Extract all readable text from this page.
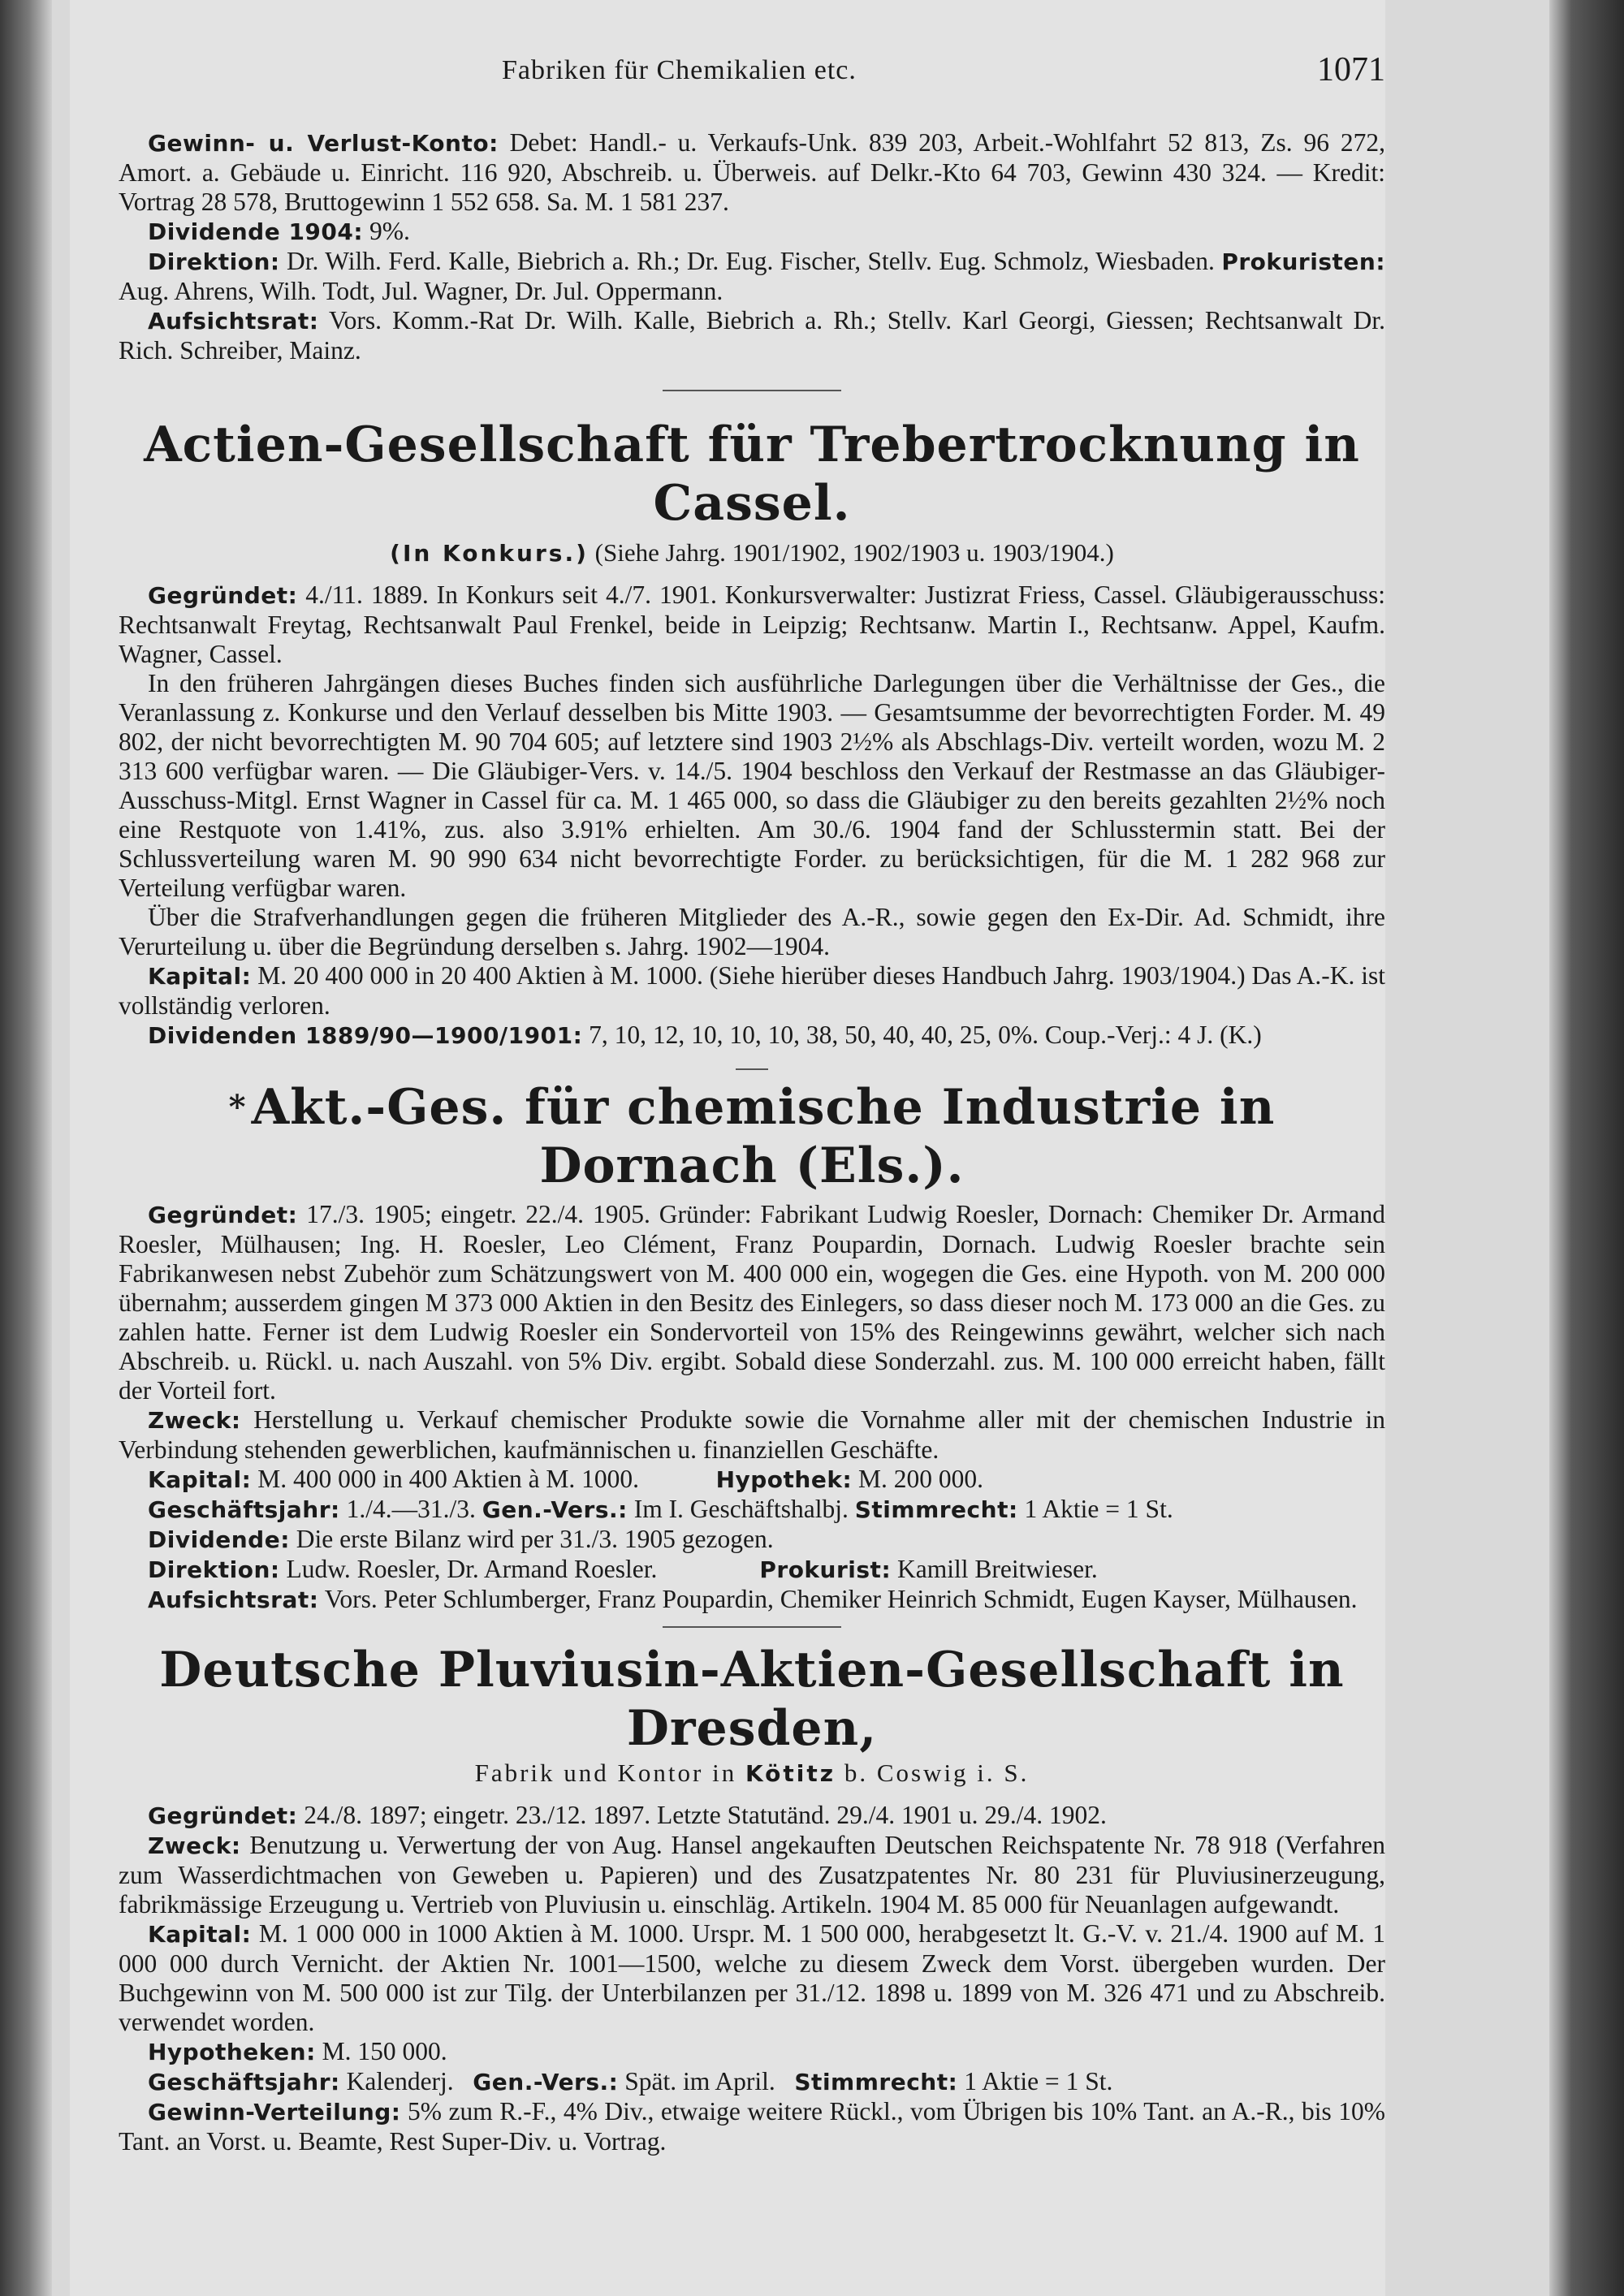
Fabriken für Chemikalien etc.	1071

Gewinn- u. Verlust-Konto: Debet: Handl.- u. Verkaufs-Unk. 839 203, Arbeit.-Wohlfahrt 52 813, Zs. 96 272, Amort. a. Gebäude u. Einricht. 116 920, Abschreib. u. Überweis. auf Delkr.-Kto 64 703, Gewinn 430 324. — Kredit: Vortrag 28 578, Bruttogewinn 1 552 658. Sa. M. 1 581 237.

Dividende 1904: 9%.

Direktion: Dr. Wilh. Ferd. Kalle, Biebrich a. Rh.; Dr. Eug. Fischer, Stellv. Eug. Schmolz, Wiesbaden. Prokuristen: Aug. Ahrens, Wilh. Todt, Jul. Wagner, Dr. Jul. Oppermann.

Aufsichtsrat: Vors. Komm.-Rat Dr. Wilh. Kalle, Biebrich a. Rh.; Stellv. Karl Georgi, Giessen; Rechtsanwalt Dr. Rich. Schreiber, Mainz.

Actien-Gesellschaft für Trebertrocknung in Cassel.
(In Konkurs.) (Siehe Jahrg. 1901/1902, 1902/1903 u. 1903/1904.)

Gegründet: 4./11. 1889. In Konkurs seit 4./7. 1901. Konkursverwalter: Justizrat Friess, Cassel. Gläubigerausschuss: Rechtsanwalt Freytag, Rechtsanwalt Paul Frenkel, beide in Leipzig; Rechtsanw. Martin I., Rechtsanw. Appel, Kaufm. Wagner, Cassel.

In den früheren Jahrgängen dieses Buches finden sich ausführliche Darlegungen über die Verhältnisse der Ges., die Veranlassung z. Konkurse und den Verlauf desselben bis Mitte 1903. — Gesamtsumme der bevorrechtigten Forder. M. 49 802, der nicht bevorrechtigten M. 90 704 605; auf letztere sind 1903 2½% als Abschlags-Div. verteilt worden, wozu M. 2 313 600 verfügbar waren. — Die Gläubiger-Vers. v. 14./5. 1904 beschloss den Verkauf der Restmasse an das Gläubiger-Ausschuss-Mitgl. Ernst Wagner in Cassel für ca. M. 1 465 000, so dass die Gläubiger zu den bereits gezahlten 2½% noch eine Restquote von 1.41%, zus. also 3.91% erhielten. Am 30./6. 1904 fand der Schlusstermin statt. Bei der Schlussverteilung waren M. 90 990 634 nicht bevorrechtigte Forder. zu berücksichtigen, für die M. 1 282 968 zur Verteilung verfügbar waren.

Über die Strafverhandlungen gegen die früheren Mitglieder des A.-R., sowie gegen den Ex-Dir. Ad. Schmidt, ihre Verurteilung u. über die Begründung derselben s. Jahrg. 1902—1904.

Kapital: M. 20 400 000 in 20 400 Aktien à M. 1000. (Siehe hierüber dieses Handbuch Jahrg. 1903/1904.) Das A.-K. ist vollständig verloren.

Dividenden 1889/90—1900/1901: 7, 10, 12, 10, 10, 10, 38, 50, 40, 40, 25, 0%. Coup.-Verj.: 4 J. (K.)

* Akt.-Ges. für chemische Industrie in Dornach (Els.).

Gegründet: 17./3. 1905; eingetr. 22./4. 1905. Gründer: Fabrikant Ludwig Roesler, Dornach: Chemiker Dr. Armand Roesler, Mülhausen; Ing. H. Roesler, Leo Clément, Franz Poupardin, Dornach. Ludwig Roesler brachte sein Fabrikanwesen nebst Zubehör zum Schätzungswert von M. 400 000 ein, wogegen die Ges. eine Hypoth. von M. 200 000 übernahm; ausserdem gingen M 373 000 Aktien in den Besitz des Einlegers, so dass dieser noch M. 173 000 an die Ges. zu zahlen hatte. Ferner ist dem Ludwig Roesler ein Sondervorteil von 15% des Reingewinns gewährt, welcher sich nach Abschreib. u. Rückl. u. nach Auszahl. von 5% Div. ergibt. Sobald diese Sonderzahl. zus. M. 100 000 erreicht haben, fällt der Vorteil fort.

Zweck: Herstellung u. Verkauf chemischer Produkte sowie die Vornahme aller mit der chemischen Industrie in Verbindung stehenden gewerblichen, kaufmännischen u. finanziellen Geschäfte.

Kapital: M. 400 000 in 400 Aktien à M. 1000.	Hypothek: M. 200 000.

Geschäftsjahr: 1./4.—31./3. Gen.-Vers.: Im I. Geschäftshalbj. Stimmrecht: 1 Aktie = 1 St.

Dividende: Die erste Bilanz wird per 31./3. 1905 gezogen.

Direktion: Ludw. Roesler, Dr. Armand Roesler.	Prokurist: Kamill Breitwieser.

Aufsichtsrat: Vors. Peter Schlumberger, Franz Poupardin, Chemiker Heinrich Schmidt, Eugen Kayser, Mülhausen.

Deutsche Pluviusin-Aktien-Gesellschaft in Dresden,
Fabrik und Kontor in Kötitz b. Coswig i. S.

Gegründet: 24./8. 1897; eingetr. 23./12. 1897. Letzte Statutänd. 29./4. 1901 u. 29./4. 1902.

Zweck: Benutzung u. Verwertung der von Aug. Hansel angekauften Deutschen Reichspatente Nr. 78 918 (Verfahren zum Wasserdichtmachen von Geweben u. Papieren) und des Zusatzpatentes Nr. 80 231 für Pluviusinerzeugung, fabrikmässige Erzeugung u. Vertrieb von Pluviusin u. einschläg. Artikeln. 1904 M. 85 000 für Neuanlagen aufgewandt.

Kapital: M. 1 000 000 in 1000 Aktien à M. 1000. Urspr. M. 1 500 000, herabgesetzt lt. G.-V. v. 21./4. 1900 auf M. 1 000 000 durch Vernicht. der Aktien Nr. 1001—1500, welche zu diesem Zweck dem Vorst. übergeben wurden. Der Buchgewinn von M. 500 000 ist zur Tilg. der Unterbilanzen per 31./12. 1898 u. 1899 von M. 326 471 und zu Abschreib. verwendet worden.

Hypotheken: M. 150 000.

Geschäftsjahr: Kalenderj. Gen.-Vers.: Spät. im April. Stimmrecht: 1 Aktie = 1 St.

Gewinn-Verteilung: 5% zum R.-F., 4% Div., etwaige weitere Rückl., vom Übrigen bis 10% Tant. an A.-R., bis 10% Tant. an Vorst. u. Beamte, Rest Super-Div. u. Vortrag.
